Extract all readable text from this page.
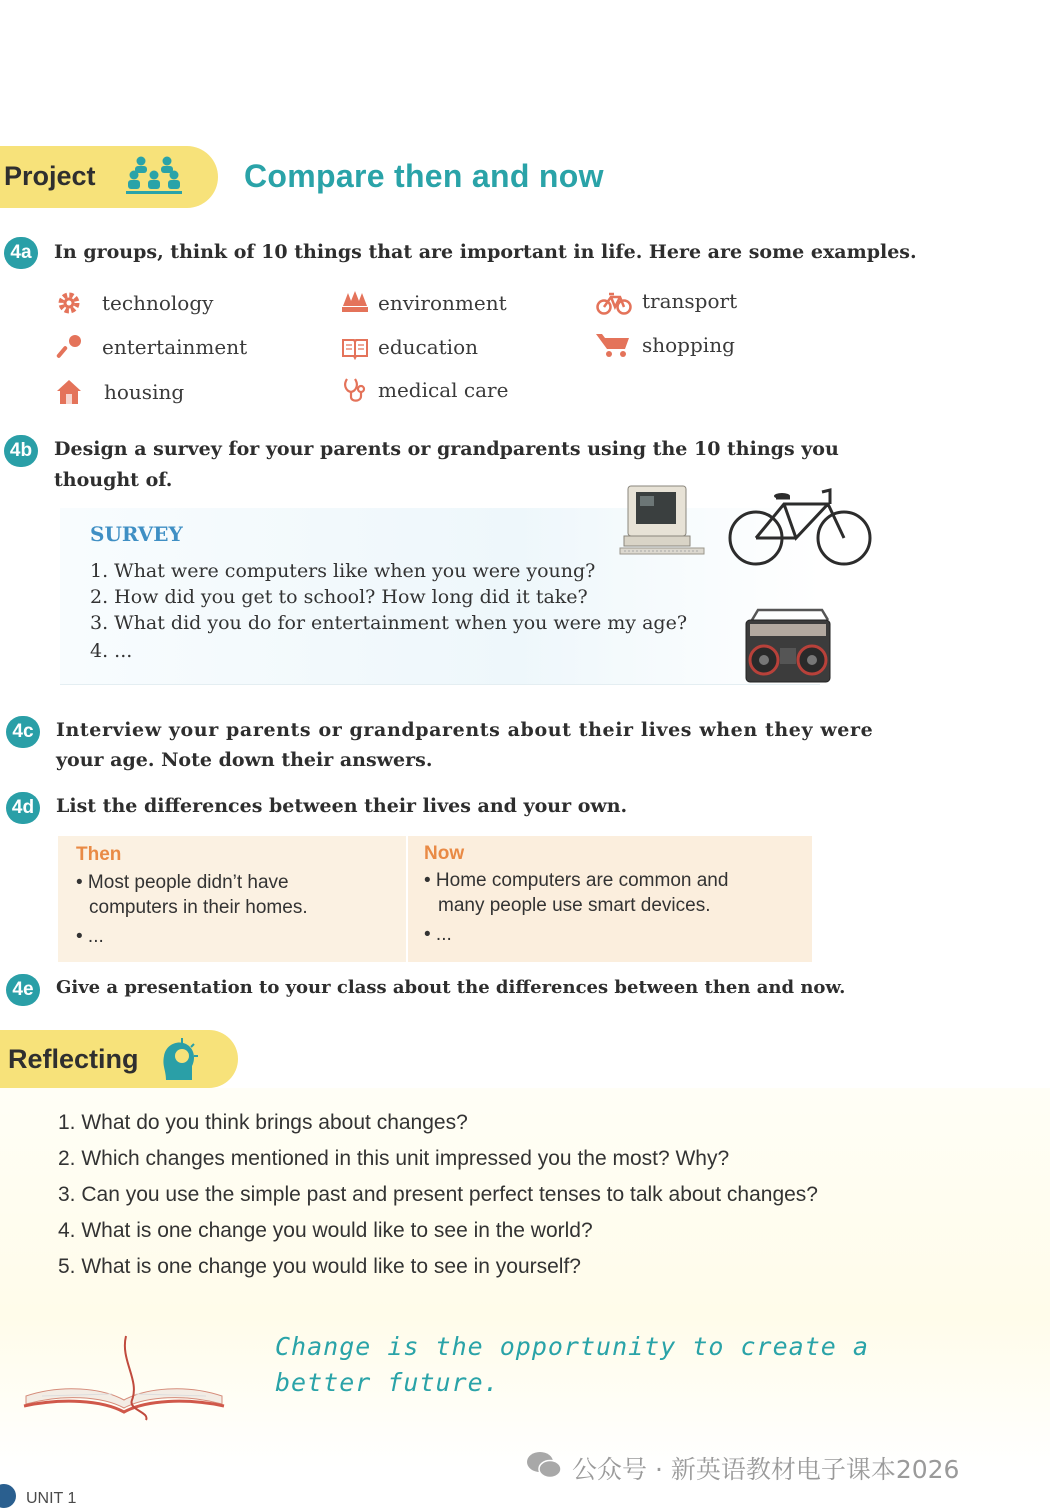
Project	Compare then and now
4a	In groups, think of 10 things that are important in life. Here are some examples.
technology	environment	transport
entertainment	education	shopping
housing	medical care
4b	Design a survey for your parents or grandparents using the 10 things you
thought of.
SURVEY
1. What were computers like when you were young?
2. How did you get to school? How long did it take?
3. What did you do for entertainment when you were my age?
4. ...
4c	Interview your parents or grandparents about their lives when they were
your age. Note down their answers.
4d	List the differences between their lives and your own.
Then
• Most people didn’t have
computers in their homes.
• ...
Now
• Home computers are common and
many people use smart devices.
• ...
4e	Give a presentation to your class about the differences between then and now.
Reflecting
1. What do you think brings about changes?
2. Which changes mentioned in this unit impressed you the most? Why?
3. Can you use the simple past and present perfect tenses to talk about changes?
4. What is one change you would like to see in the world?
5. What is one change you would like to see in yourself?
Change is the opportunity to create a
better future.
公众号 · 新英语教材电子课本2026
UNIT 1
